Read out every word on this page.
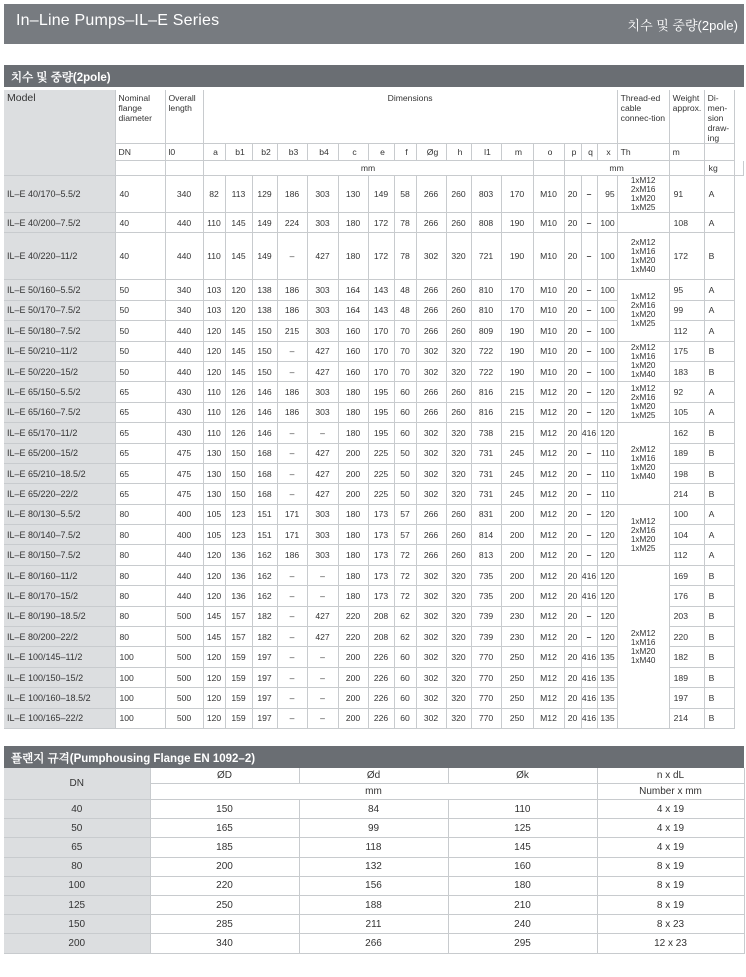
In–Line Pumps–IL–E Series	치수 및 중량(2pole)
치수 및 중량(2pole)
Model	Nominal flange diameter	Overall length	Dimensions																Thread-ed cable connec-tion	Weight approx.	Di-men-sion draw-ing	
	DN	l0	a	b1	b2	b3	b4	c	e	f	Øg	h	l1	m	o	p	q	x	Th	m		
			mm													mm					kg	
IL–E 40/170–5.5/2	40	340	82	113	129	186	303	130	149	58	266	260	803	170	M10	20	–	95	1xM12
2xM16
1xM20
1xM25	91	A	
IL–E 40/200–7.5/2	40	440	110	145	149	224	303	180	172	78	266	260	808	190	M10	20	–	100		108	A	
IL–E 40/220–11/2	40	440	110	145	149	–	427	180	172	78	302	320	721	190	M10	20	–	100	2xM12
1xM16
1xM20
1xM40	172	B	
IL–E 50/160–5.5/2	50	340	103	120	138	186	303	164	143	48	266	260	810	170	M10	20	–	100	1xM12
2xM16
1xM20
1xM25	95	A	
IL–E 50/170–7.5/2	50	340	103	120	138	186	303	164	143	48	266	260	810	170	M10	20	–	100		99	A	
IL–E 50/180–7.5/2	50	440	120	145	150	215	303	160	170	70	266	260	809	190	M10	20	–	100		112	A	
IL–E 50/210–11/2	50	440	120	145	150	–	427	160	170	70	302	320	722	190	M10	20	–	100	2xM12
1xM16
1xM20
1xM40	175	B	
IL–E 50/220–15/2	50	440	120	145	150	–	427	160	170	70	302	320	722	190	M10	20	–	100		183	B	
IL–E 65/150–5.5/2	65	430	110	126	146	186	303	180	195	60	266	260	816	215	M12	20	–	120	1xM12
2xM16
1xM20
1xM25	92	A	
IL–E 65/160–7.5/2	65	430	110	126	146	186	303	180	195	60	266	260	816	215	M12	20	–	120		105	A	
IL–E 65/170–11/2	65	430	110	126	146	–	–	180	195	60	302	320	738	215	M12	20	416	120	2xM12
1xM16
1xM20
1xM40	162	B	
IL–E 65/200–15/2	65	475	130	150	168	–	427	200	225	50	302	320	731	245	M12	20	–	110		189	B	
IL–E 65/210–18.5/2	65	475	130	150	168	–	427	200	225	50	302	320	731	245	M12	20	–	110		198	B	
IL–E 65/220–22/2	65	475	130	150	168	–	427	200	225	50	302	320	731	245	M12	20	–	110		214	B	
IL–E 80/130–5.5/2	80	400	105	123	151	171	303	180	173	57	266	260	831	200	M12	20	–	120	1xM12
2xM16
1xM20
1xM25	100	A	
IL–E 80/140–7.5/2	80	400	105	123	151	171	303	180	173	57	266	260	814	200	M12	20	–	120		104	A	
IL–E 80/150–7.5/2	80	440	120	136	162	186	303	180	173	72	266	260	813	200	M12	20	–	120		112	A	
IL–E 80/160–11/2	80	440	120	136	162	–	–	180	173	72	302	320	735	200	M12	20	416	120	2xM12
1xM16
1xM20
1xM40	169	B	
IL–E 80/170–15/2	80	440	120	136	162	–	–	180	173	72	302	320	735	200	M12	20	416	120		176	B	
IL–E 80/190–18.5/2	80	500	145	157	182	–	427	220	208	62	302	320	739	230	M12	20	–	120		203	B	
IL–E 80/200–22/2	80	500	145	157	182	–	427	220	208	62	302	320	739	230	M12	20	–	120		220	B	
IL–E 100/145–11/2	100	500	120	159	197	–	–	200	226	60	302	320	770	250	M12	20	416	135		182	B	
IL–E 100/150–15/2	100	500	120	159	197	–	–	200	226	60	302	320	770	250	M12	20	416	135		189	B	
IL–E 100/160–18.5/2	100	500	120	159	197	–	–	200	226	60	302	320	770	250	M12	20	416	135		197	B	
IL–E 100/165–22/2	100	500	120	159	197	–	–	200	226	60	302	320	770	250	M12	20	416	135		214	B	
플랜지 규격(Pumphousing Flange EN 1092–2)
DN	ØD	Ød	Øk	n x dL
	mm			Number x mm
40	150	84	110	4 x 19
50	165	99	125	4 x 19
65	185	118	145	4 x 19
80	200	132	160	8 x 19
100	220	156	180	8 x 19
125	250	188	210	8 x 19
150	285	211	240	8 x 23
200	340	266	295	12 x 23
